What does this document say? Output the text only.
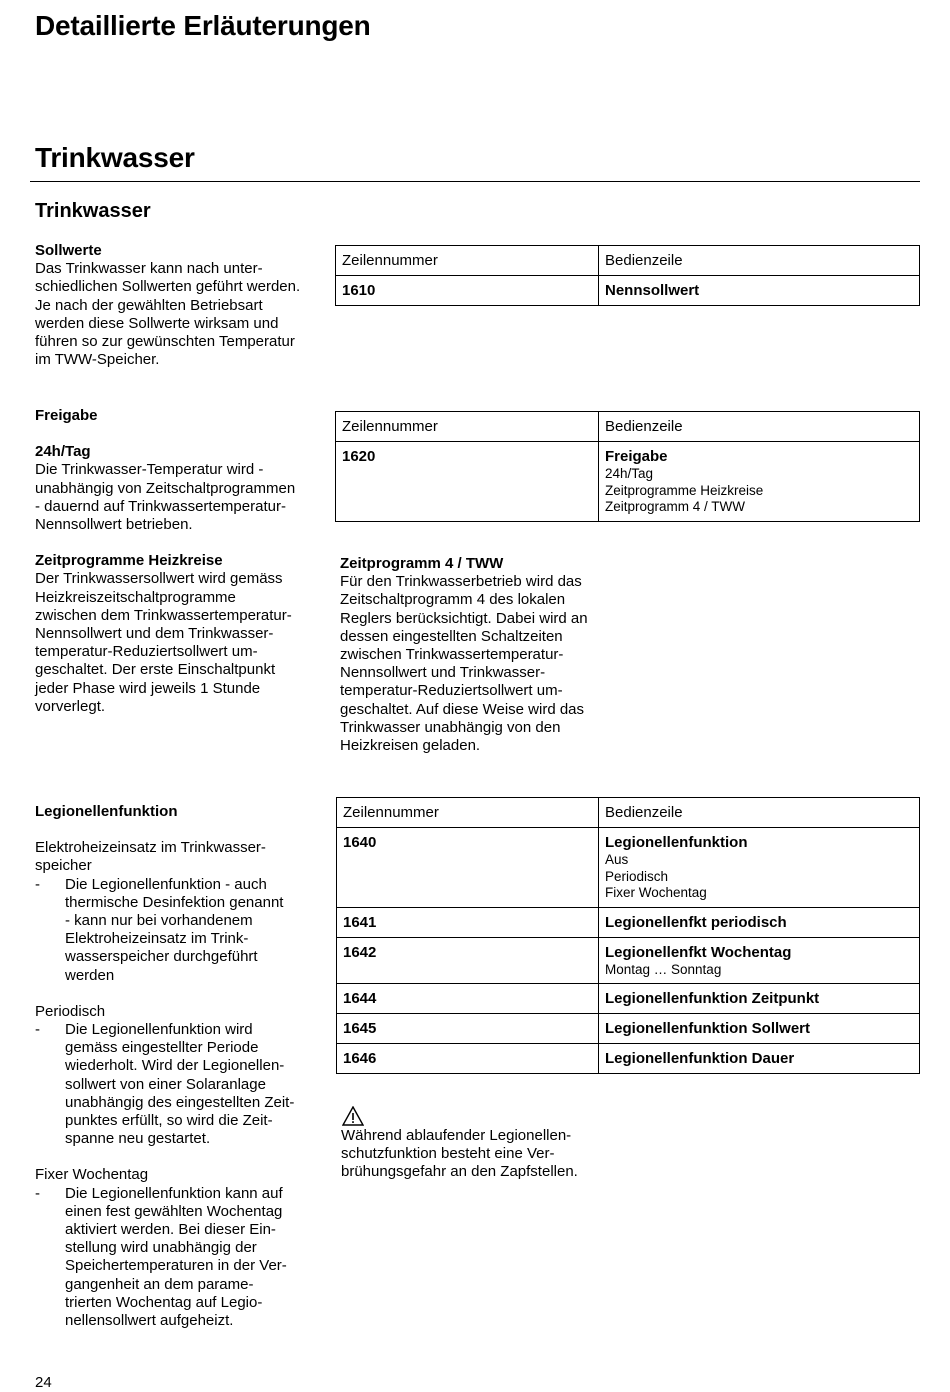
Detaillierte Erläuterungen
Trinkwasser
Trinkwasser

Sollwerte

Das Trinkwasser kann nach unter-
schiedlichen Sollwerten geführt werden.
Je nach der gewählten Betriebsart
werden diese Sollwerte wirksam und
führen so zur gewünschten Temperatur
im TWW-Speicher.
Zeilennummer	Bedienzeile
1610	Nennsollwert

Freigabe

24h/Tag

Die Trinkwasser-Temperatur wird -
unabhängig von Zeitschaltprogrammen
- dauernd auf Trinkwassertemperatur-
Nennsollwert betrieben.

Zeitprogramme Heizkreise

Der Trinkwassersollwert wird gemäss
Heizkreiszeitschaltprogramme
zwischen dem Trinkwassertemperatur-
Nennsollwert und dem Trinkwasser-
temperatur-Reduziertsollwert um-
geschaltet. Der erste Einschaltpunkt
jeder Phase wird jeweils 1 Stunde
vorverlegt.
Zeilennummer	Bedienzeile
1620	Freigabe
24h/Tag
Zeitprogramme Heizkreise
Zeitprogramm 4 / TWW

Zeitprogramm 4 / TWW

Für den Trinkwasserbetrieb wird das
Zeitschaltprogramm 4 des lokalen
Reglers berücksichtigt. Dabei wird an
dessen eingestellten Schaltzeiten
zwischen Trinkwassertemperatur-
Nennsollwert und Trinkwasser-
temperatur-Reduziertsollwert um-
geschaltet. Auf diese Weise wird das
Trinkwasser unabhängig von den
Heizkreisen geladen.

Legionellenfunktion

Elektroheizeinsatz im Trinkwasser-
speicher
- Die Legionellenfunktion - auch
thermische Desinfektion genannt
- kann nur bei vorhandenem
Elektroheizeinsatz im Trink-
wasserspeicher durchgeführt
werden

Periodisch

- Die Legionellenfunktion wird
gemäss eingestellter Periode
wiederholt. Wird der Legionellen-
sollwert von einer Solaranlage
unabhängig des eingestellten Zeit-
punktes erfüllt, so wird die Zeit-
spanne neu gestartet.

Fixer Wochentag

- Die Legionellenfunktion kann auf
einen fest gewählten Wochentag
aktiviert werden. Bei dieser Ein-
stellung wird unabhängig der
Speichertemperaturen in der Ver-
gangenheit an dem parame-
trierten Wochentag auf Legio-
nellensollwert aufgeheizt.
Zeilennummer	Bedienzeile
1640	Legionellenfunktion
Aus
Periodisch
Fixer Wochentag

1641	Legionellenfkt periodisch
1642	Legionellenfkt Wochentag
Montag … Sonntag

1644	Legionellenfunktion Zeitpunkt
1645	Legionellenfunktion Sollwert
1646	Legionellenfunktion Dauer
Während ablaufender Legionellen-
schutzfunktion besteht eine Ver-
brühungsgefahr an den Zapfstellen.
24
